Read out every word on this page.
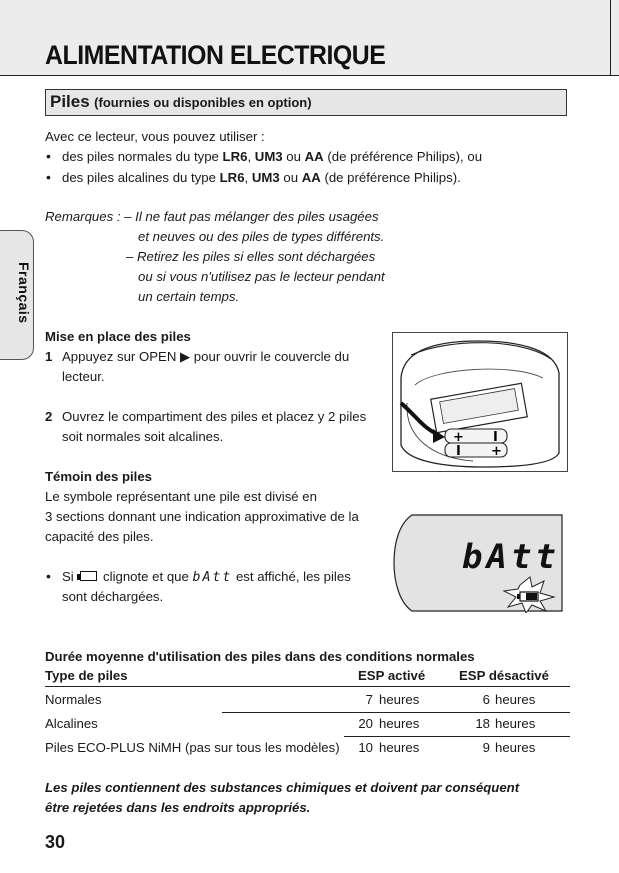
ALIMENTATION ELECTRIQUE
Français
Piles (fournies ou disponibles en option)
Avec ce lecteur, vous pouvez utiliser :
• des piles normales du type LR6, UM3 ou AA (de préférence Philips), ou
• des piles alcalines du type LR6, UM3 ou AA (de préférence Philips).
Remarques : – Il ne faut pas mélanger des piles usagées
et neuves ou des piles de types différents.
– Retirez les piles si elles sont déchargées
ou si vous n'utilisez pas le lecteur pendant
un certain temps.
Mise en place des piles
1 Appuyez sur OPEN ▶ pour ouvrir le couvercle du
lecteur.
2 Ouvrez le compartiment des piles et placez y 2 piles
soit normales soit alcalines.	+ I
I +
Témoin des piles
Le symbole représentant une pile est divisé en
3 sections donnant une indication approximative de la
capacité des piles.
• Si
clignote et que bAtt est affiché, les piles
sont déchargées.
bAtt
Durée moyenne d'utilisation des piles dans des conditions normales
Type de piles	ESP activé	ESP désactivé
Normales	7 heures	6 heures
Alcalines	20 heures	18 heures
Piles ECO-PLUS NiMH (pas sur tous les modèles)	10 heures	9 heures
Les piles contiennent des substances chimiques et doivent par conséquent
être rejetées dans les endroits appropriés.
30
